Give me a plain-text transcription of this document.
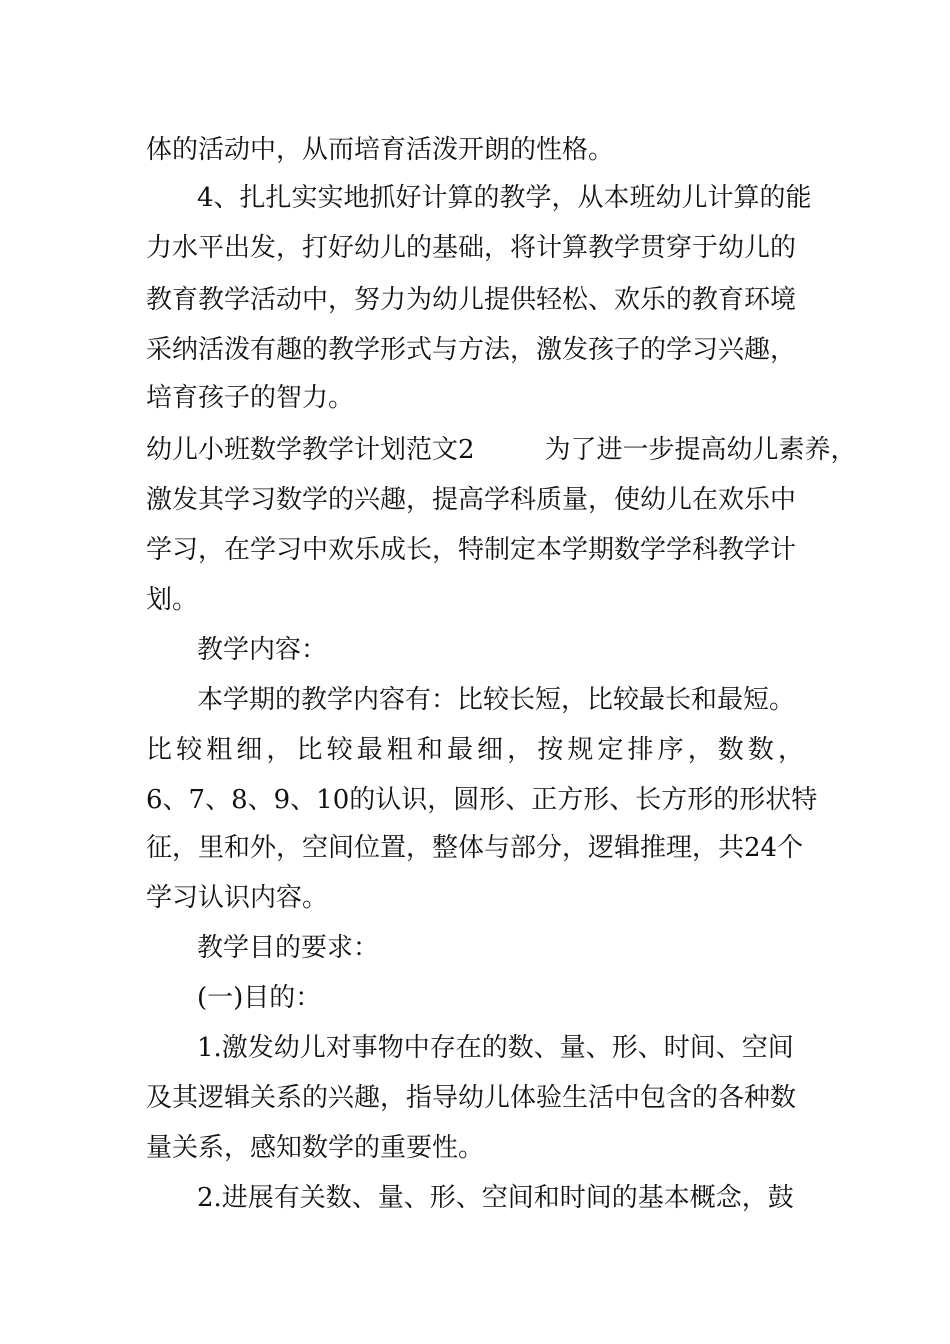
体的活动中，从而培育活泼开朗的性格。
4、扎扎实实地抓好计算的教学，从本班幼儿计算的能
力水平出发，打好幼儿的基础，将计算教学贯穿于幼儿的
教育教学活动中，努力为幼儿提供轻松、欢乐的教育环境
采纳活泼有趣的教学形式与方法，激发孩子的学习兴趣，
培育孩子的智力。
幼儿小班数学教学计划范文2	为了进一步提高幼儿素养，
激发其学习数学的兴趣，提高学科质量，使幼儿在欢乐中
学习，在学习中欢乐成长，特制定本学期数学学科教学计
划。
教学内容：
本学期的教学内容有：比较长短，比较最长和最短。
比 较 粗 细 ， 比 较 最 粗 和 最 细 ， 按 规 定 排 序 ， 数 数 ，
6、7、8、9、10的认识，圆形、正方形、长方形的形状特
征，里和外，空间位置，整体与部分，逻辑推理，共24个
学习认识内容。
教学目的要求：
(一)目的：
1.激发幼儿对事物中存在的数、量、形、时间、空间
及其逻辑关系的兴趣，指导幼儿体验生活中包含的各种数
量关系，感知数学的重要性。
2.进展有关数、量、形、空间和时间的基本概念，鼓
